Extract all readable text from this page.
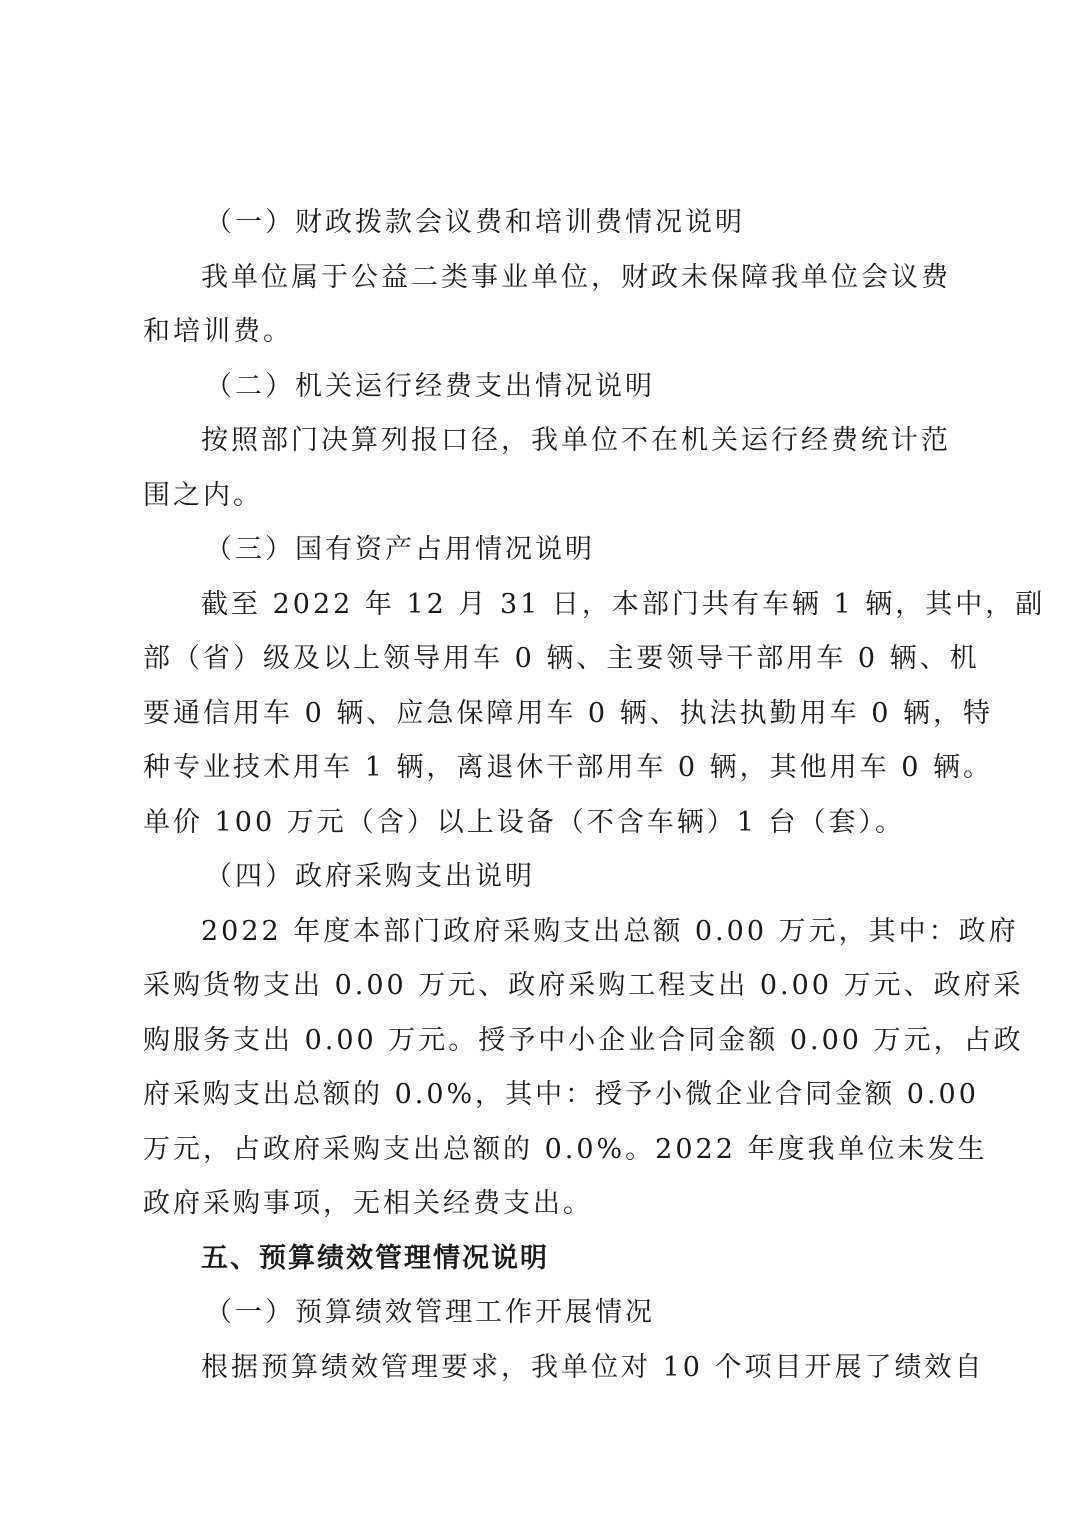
（一）财政拨款会议费和培训费情况说明
我单位属于公益二类事业单位，财政未保障我单位会议费
和培训费。
（二）机关运行经费支出情况说明
按照部门决算列报口径，我单位不在机关运行经费统计范
围之内。
（三）国有资产占用情况说明
截至 2022 年 12 月 31 日，本部门共有车辆 1 辆，其中，副
部（省）级及以上领导用车 0 辆、主要领导干部用车 0 辆、机
要通信用车 0 辆、应急保障用车 0 辆、执法执勤用车 0 辆，特
种专业技术用车 1 辆，离退休干部用车 0 辆，其他用车 0 辆。
单价 100 万元（含）以上设备（不含车辆）1 台（套）。
（四）政府采购支出说明
2022 年度本部门政府采购支出总额 0.00 万元，其中：政府
采购货物支出 0.00 万元、政府采购工程支出 0.00 万元、政府采
购服务支出 0.00 万元。授予中小企业合同金额 0.00 万元，占政
府采购支出总额的 0.0%，其中：授予小微企业合同金额 0.00
万元，占政府采购支出总额的 0.0%。2022 年度我单位未发生
政府采购事项，无相关经费支出。
五、预算绩效管理情况说明
（一）预算绩效管理工作开展情况
根据预算绩效管理要求，我单位对 10 个项目开展了绩效自
